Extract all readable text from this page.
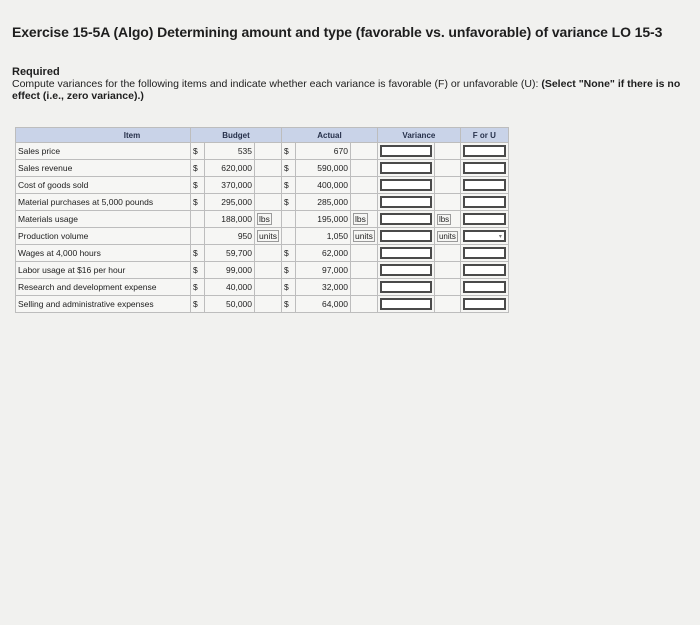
Exercise 15-5A (Algo) Determining amount and type (favorable vs. unfavorable) of variance LO 15-3
Required
Compute variances for the following items and indicate whether each variance is favorable (F) or unfavorable (U): (Select "None" if there is no effect (i.e., zero variance).)
Item	Budget			Actual			Variance		F or U
Sales price	$	535		$	670		

Sales revenue	$	620,000		$	590,000		

Cost of goods sold	$	370,000		$	400,000		

Material purchases at 5,000 pounds	$	295,000		$	285,000		

Materials usage		188,000	lbs		195,000	lbs		lbs	

Production volume		950	units		1,050	units		units	▾

Wages at 4,000 hours	$	59,700		$	62,000		

Labor usage at $16 per hour	$	99,000		$	97,000		

Research and development expense	$	40,000		$	32,000		

Selling and administrative expenses	$	50,000		$	64,000		
